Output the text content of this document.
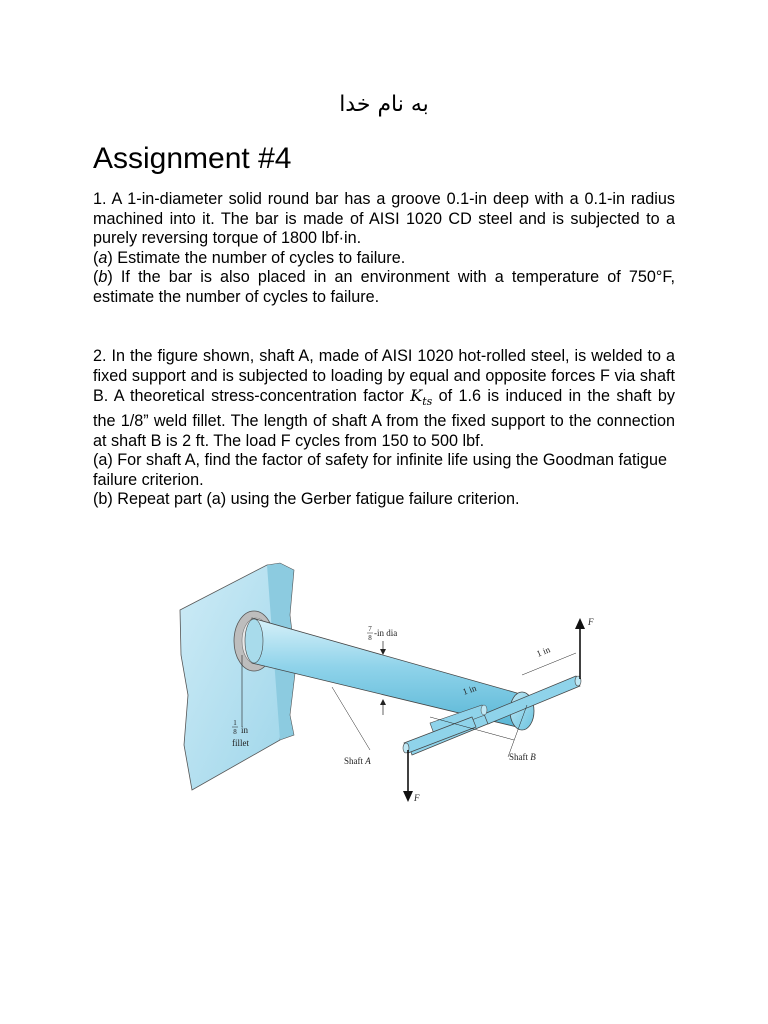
به نام خدا
Assignment #4

1. A 1-in-diameter solid round bar has a groove 0.1-in deep with a 0.1-in radius machined into it. The bar is made of AISI 1020 CD steel and is subjected to a purely reversing torque of 1800 lbf·in.

(a) Estimate the number of cycles to failure.

(b) If the bar is also placed in an environment with a temperature of 750°F, estimate the number of cycles to failure.

2. In the figure shown, shaft A, made of AISI 1020 hot-rolled steel, is welded to a fixed support and is subjected to loading by equal and opposite forces F via shaft B. A theoretical stress-concentration factor $K_{ts}$ of 1.6 is induced in the shaft by the 1/8” weld fillet. The length of shaft A from the fixed support to the connection at shaft B is 2 ft. The load F cycles from 150 to 500 lbf.

(a) For shaft A, find the factor of safety for infinite life using the Goodman fatigue failure criterion.

(b) Repeat part (a) using the Gerber fatigue failure criterion.

7
8 -in dia
1 in
1 in
F
F
1
8 in
fillet
Shaft A	Shaft B
